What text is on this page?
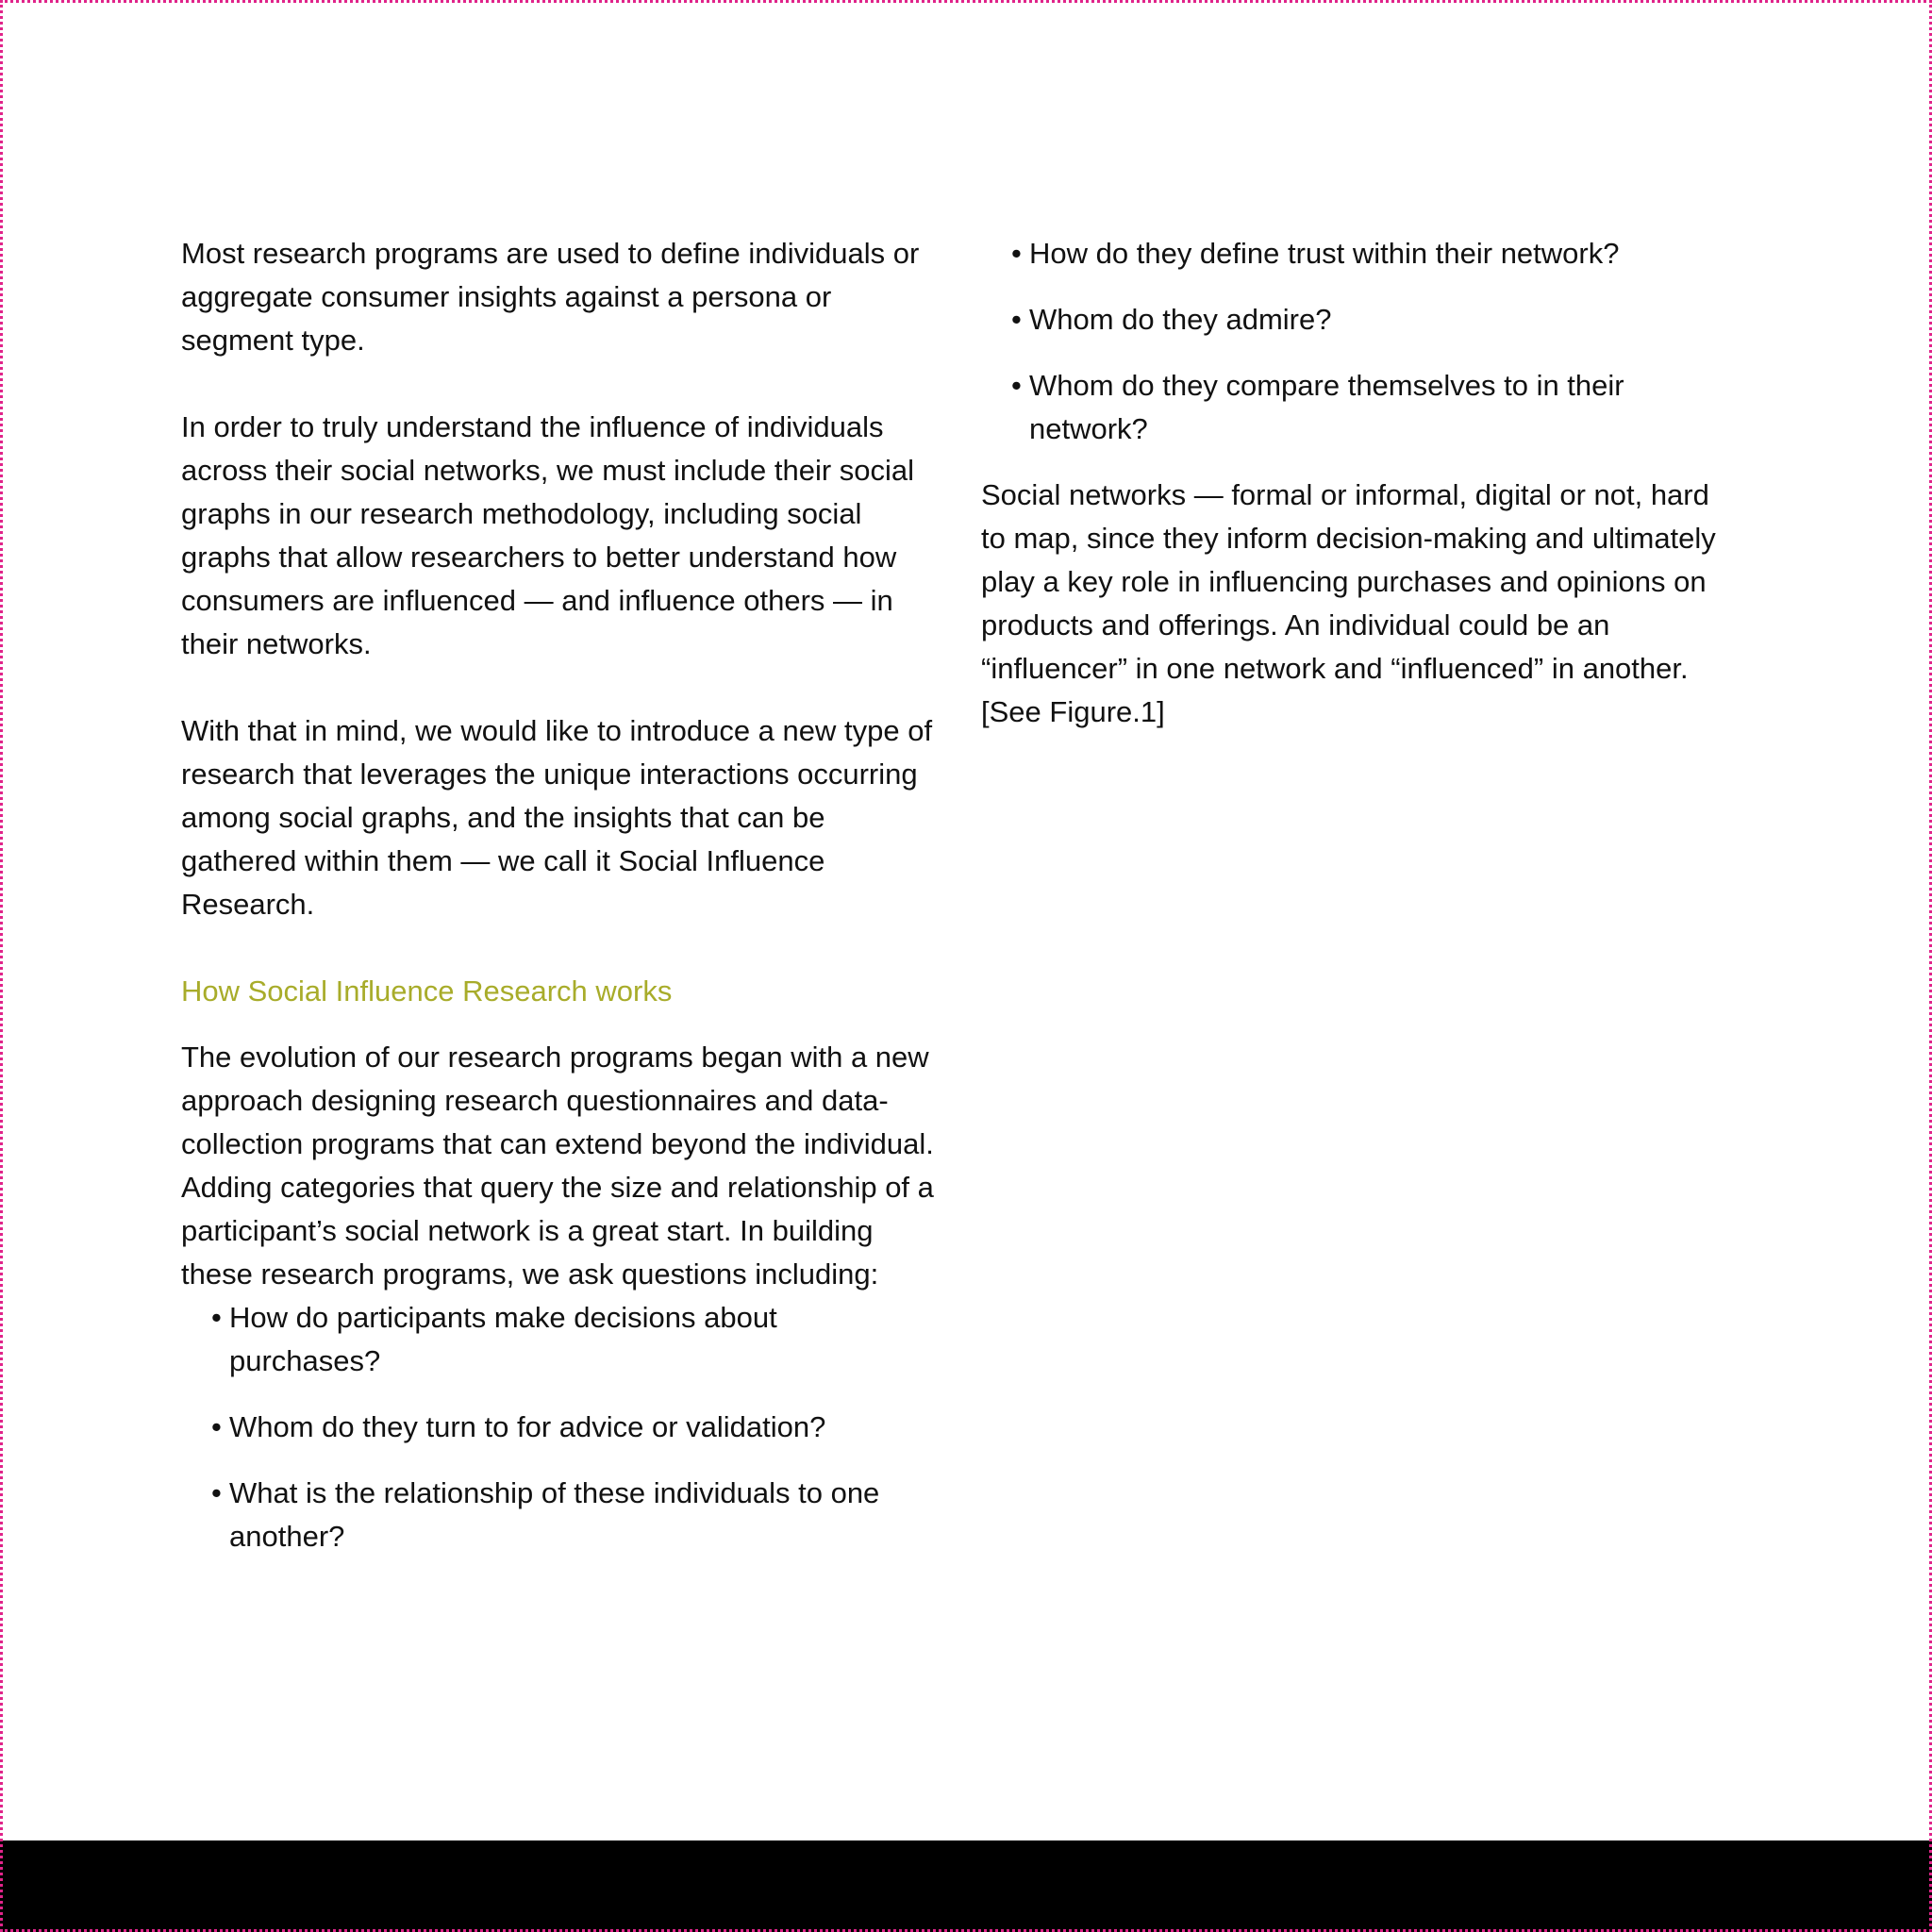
Most research programs are used to define individuals or aggregate consumer insights against a persona or segment type.

In order to truly understand the influence of individuals across their social networks, we must include their social graphs in our research methodology, including social graphs that allow researchers to better understand how consumers are influenced — and influence others — in their networks.

With that in mind, we would like to introduce a new type of research that leverages the unique interactions occurring among social graphs, and the insights that can be gathered within them — we call it Social Influence Research.

How Social Influence Research works

The evolution of our research programs began with a new approach designing research questionnaires and data-collection programs that can extend beyond the individual. Adding categories that query the size and relationship of a participant’s social network is a great start. In building these research programs, we ask questions including:

• How do participants make decisions about purchases?
• Whom do they turn to for advice or validation?
• What is the relationship of these individuals to one another?
• How do they define trust within their network?
• Whom do they admire?
• Whom do they compare themselves to in their network?

Social networks — formal or informal, digital or not, hard to map, since they inform decision-making and ultimately play a key role in influencing purchases and opinions on products and offerings. An individual could be an “influencer” in one network and “influenced” in another. [See Figure.1]
